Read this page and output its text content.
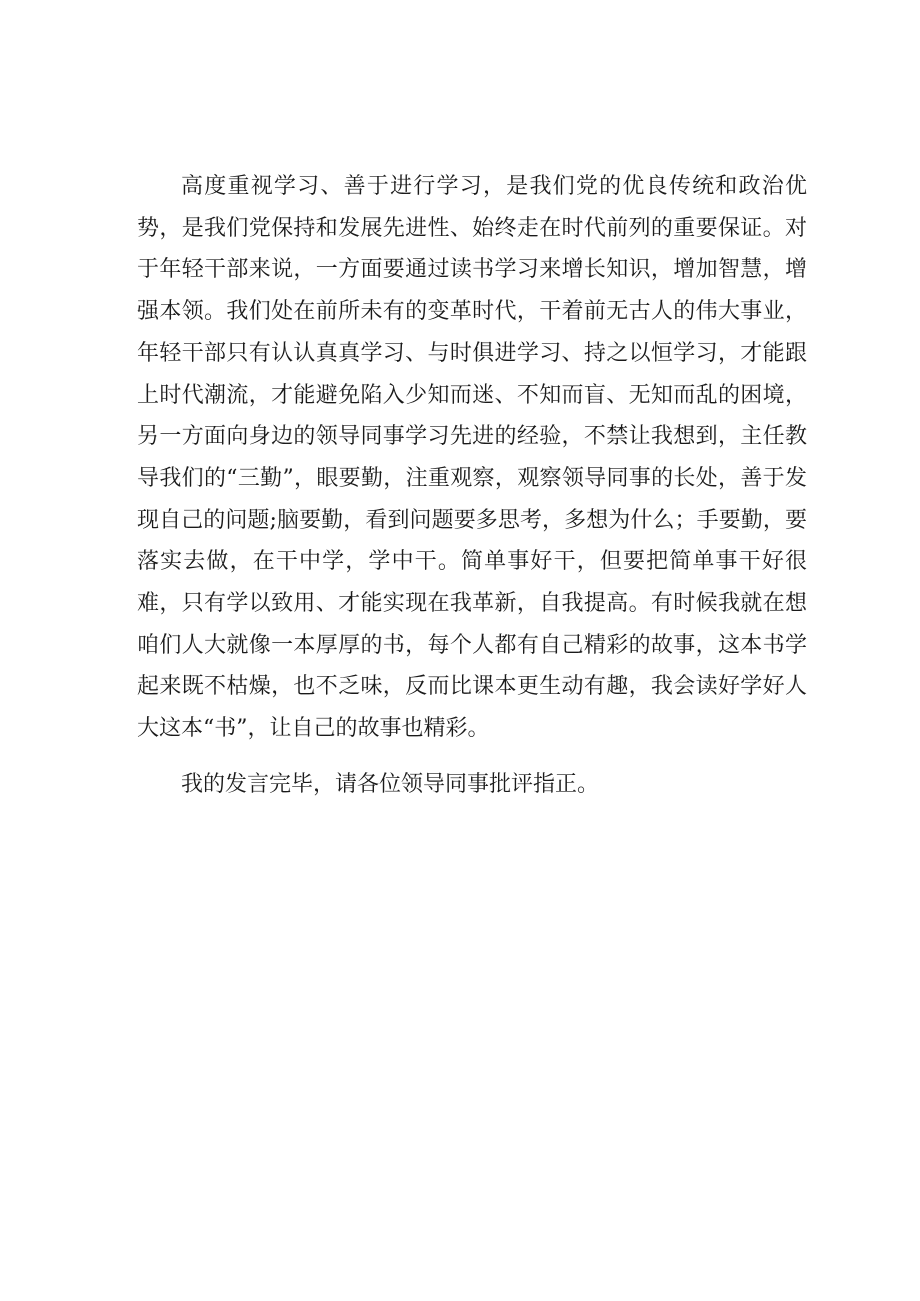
高度重视学习、善于进行学习，是我们党的优良传统和政治优势，是我们党保持和发展先进性、始终走在时代前列的重要保证。对于年轻干部来说，一方面要通过读书学习来增长知识，增加智慧，增强本领。我们处在前所未有的变革时代，干着前无古人的伟大事业，年轻干部只有认认真真学习、与时俱进学习、持之以恒学习，才能跟上时代潮流，才能避免陷入少知而迷、不知而盲、无知而乱的困境，另一方面向身边的领导同事学习先进的经验，不禁让我想到，主任教导我们的“三勤”，眼要勤，注重观察，观察领导同事的长处，善于发现自己的问题;脑要勤，看到问题要多思考，多想为什么；手要勤，要落实去做，在干中学，学中干。简单事好干，但要把简单事干好很难，只有学以致用、才能实现在我革新，自我提高。有时候我就在想咱们人大就像一本厚厚的书，每个人都有自己精彩的故事，这本书学起来既不枯燥，也不乏味，反而比课本更生动有趣，我会读好学好人大这本“书”，让自己的故事也精彩。

我的发言完毕，请各位领导同事批评指正。
